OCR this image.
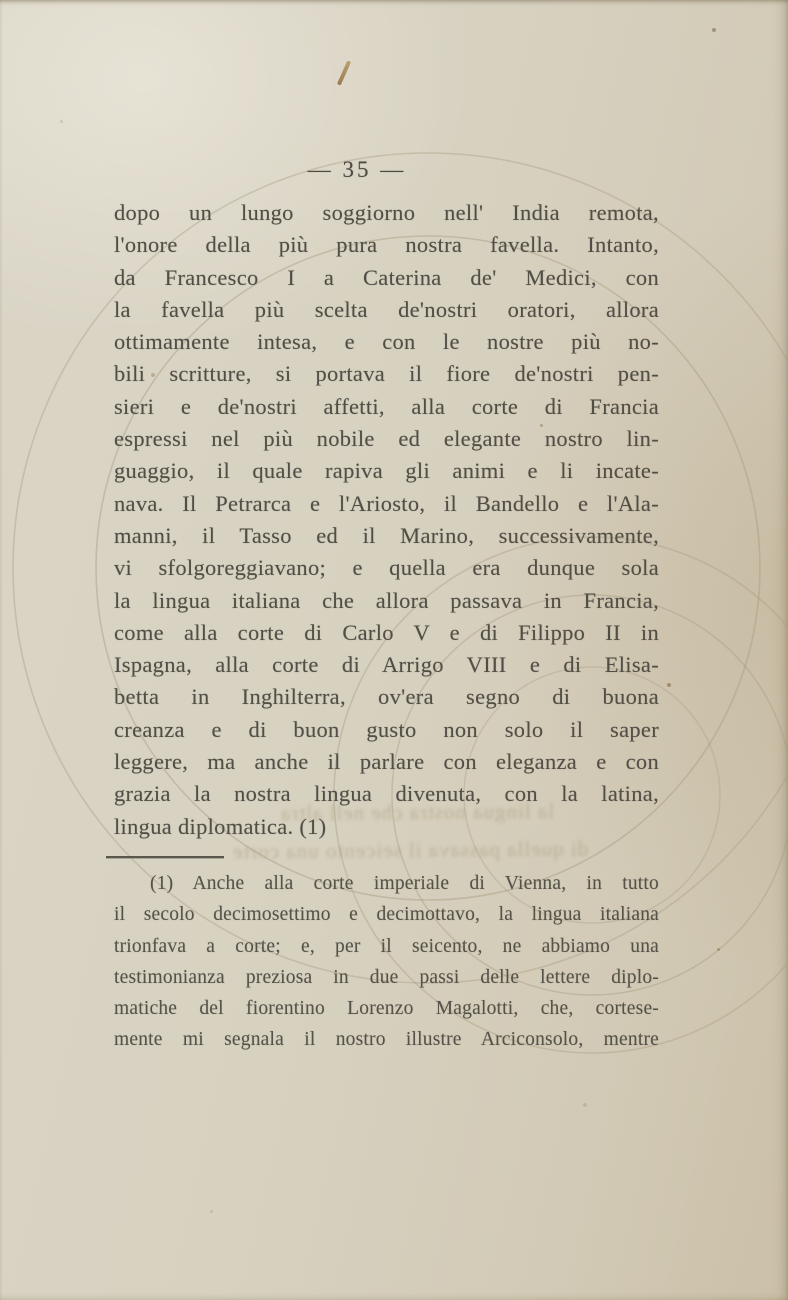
la lingua nostra che nell altra
di quella passava il seicento una corte
— 35 —
dopo un lungo soggiorno nell' India remota,
l'onore della più pura nostra favella. Intanto,
da Francesco I a Caterina de' Medici, con
la favella più scelta de'nostri oratori, allora
ottimamente intesa, e con le nostre più no-
bili scritture, si portava il fiore de'nostri pen-
sieri e de'nostri affetti, alla corte di Francia
espressi nel più nobile ed elegante nostro lin-
guaggio, il quale rapiva gli animi e li incate-
nava. Il Petrarca e l'Ariosto, il Bandello e l'Ala-
manni, il Tasso ed il Marino, successivamente,
vi sfolgoreggiavano; e quella era dunque sola
la lingua italiana che allora passava in Francia,
come alla corte di Carlo V e di Filippo II in
Ispagna, alla corte di Arrigo VIII e di Elisa-
betta in Inghilterra, ov'era segno di buona
creanza e di buon gusto non solo il saper
leggere, ma anche il parlare con eleganza e con
grazia la nostra lingua divenuta, con la latina,
lingua diplomatica. (1)
(1) Anche alla corte imperiale di Vienna, in tutto
il secolo decimosettimo e decimottavo, la lingua italiana
trionfava a corte; e, per il seicento, ne abbiamo una
testimonianza preziosa in due passi delle lettere diplo-
matiche del fiorentino Lorenzo Magalotti, che, cortese-
mente mi segnala il nostro illustre Arciconsolo, mentre
